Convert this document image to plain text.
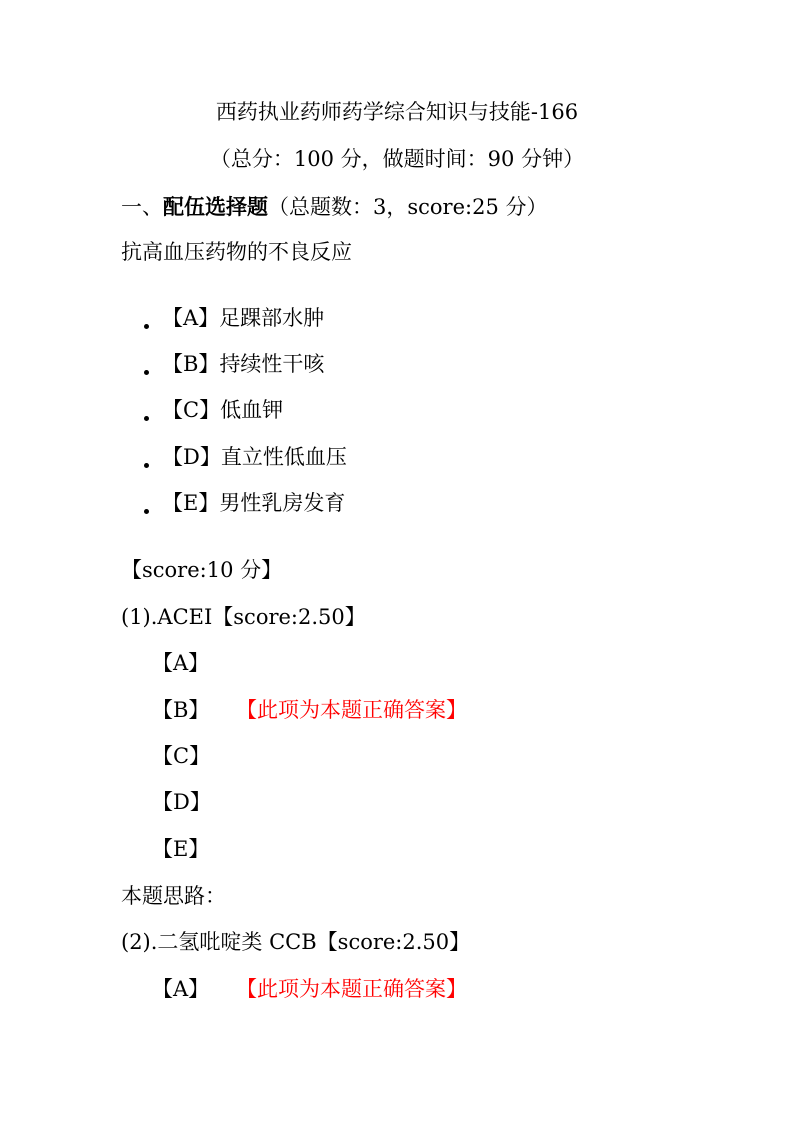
西药执业药师药学综合知识与技能-166
（总分：100 分，做题时间：90 分钟）
一、配伍选择题（总题数：3，score:25 分）
抗高血压药物的不良反应
【A】足踝部水肿
【B】持续性干咳
【C】低血钾
【D】直立性低血压
【E】男性乳房发育
【score:10 分】
(1).ACEI【score:2.50】
【A】
【B】 【此项为本题正确答案】
【C】
【D】
【E】
本题思路：
(2).二氢吡啶类 CCB【score:2.50】
【A】 【此项为本题正确答案】
